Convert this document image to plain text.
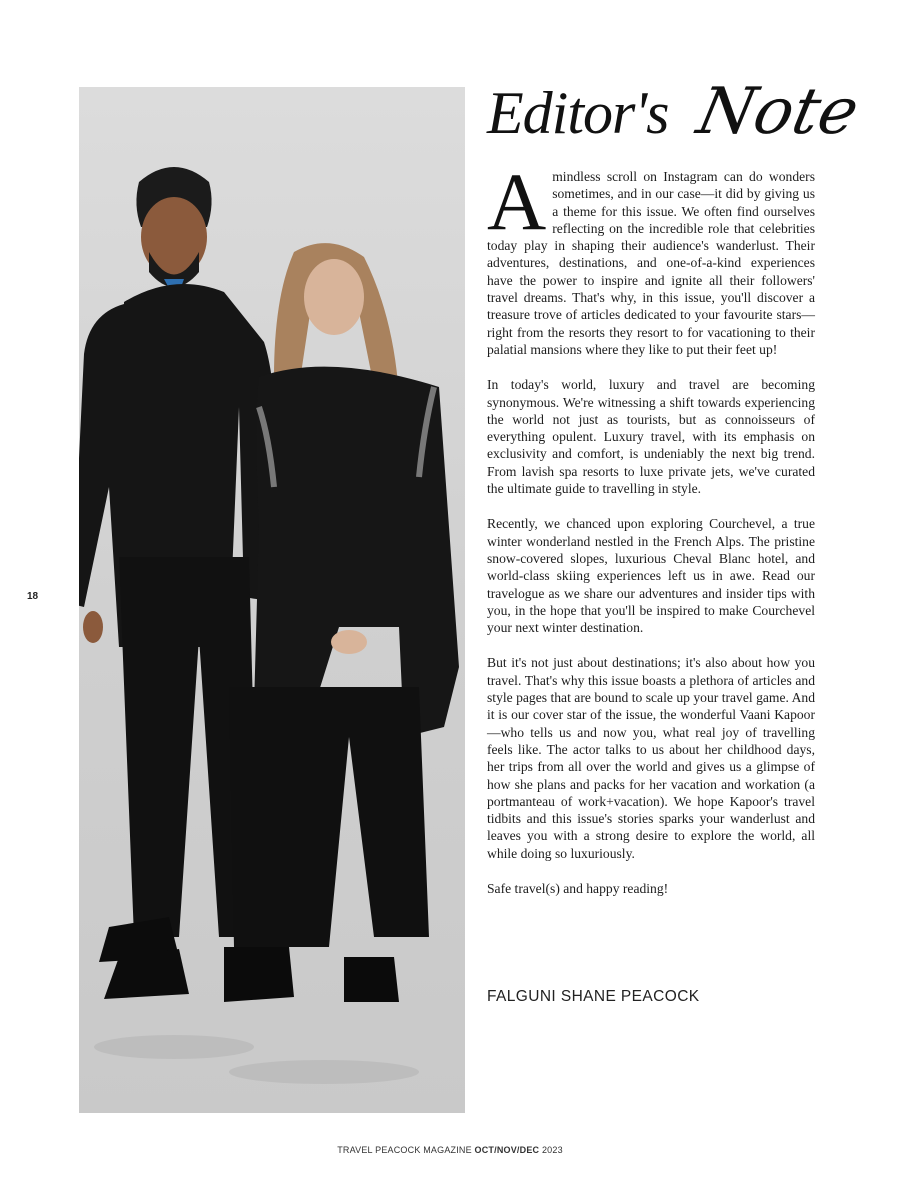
18
Editor's Note

Amindless scroll on Instagram can do wonders sometimes, and in our case—it did by giving us a theme for this issue. We often find ourselves reflecting on the incredible role that celebrities today play in shaping their audience's wanderlust. Their adventures, destinations, and one-of-a-kind experiences have the power to inspire and ignite all their followers' travel dreams. That's why, in this issue, you'll discover a treasure trove of articles dedicated to your favourite stars—right from the resorts they resort to for vacationing to their palatial mansions where they like to put their feet up!

In today's world, luxury and travel are becoming synonymous. We're witnessing a shift towards experiencing the world not just as tourists, but as connoisseurs of everything opulent. Luxury travel, with its emphasis on exclusivity and comfort, is undeniably the next big trend. From lavish spa resorts to luxe private jets, we've curated the ultimate guide to travelling in style.

Recently, we chanced upon exploring Courchevel, a true winter wonderland nestled in the French Alps. The pristine snow-covered slopes, luxurious Cheval Blanc hotel, and world-class skiing experiences left us in awe. Read our travelogue as we share our adventures and insider tips with you, in the hope that you'll be inspired to make Courchevel your next winter destination.

But it's not just about destinations; it's also about how you travel. That's why this issue boasts a plethora of articles and style pages that are bound to scale up your travel game. And it is our cover star of the issue, the wonderful Vaani Kapoor—who tells us and now you, what real joy of travelling feels like. The actor talks to us about her childhood days, her trips from all over the world and gives us a glimpse of how she plans and packs for her vacation and workation (a portmanteau of work+vacation). We hope Kapoor's travel tidbits and this issue's stories sparks your wanderlust and leaves you with a strong desire to explore the world, all while doing so luxuriously.

Safe travel(s) and happy reading!

FALGUNI SHANE PEACOCK
TRAVEL PEACOCK MAGAZINE OCT/NOV/DEC 2023
